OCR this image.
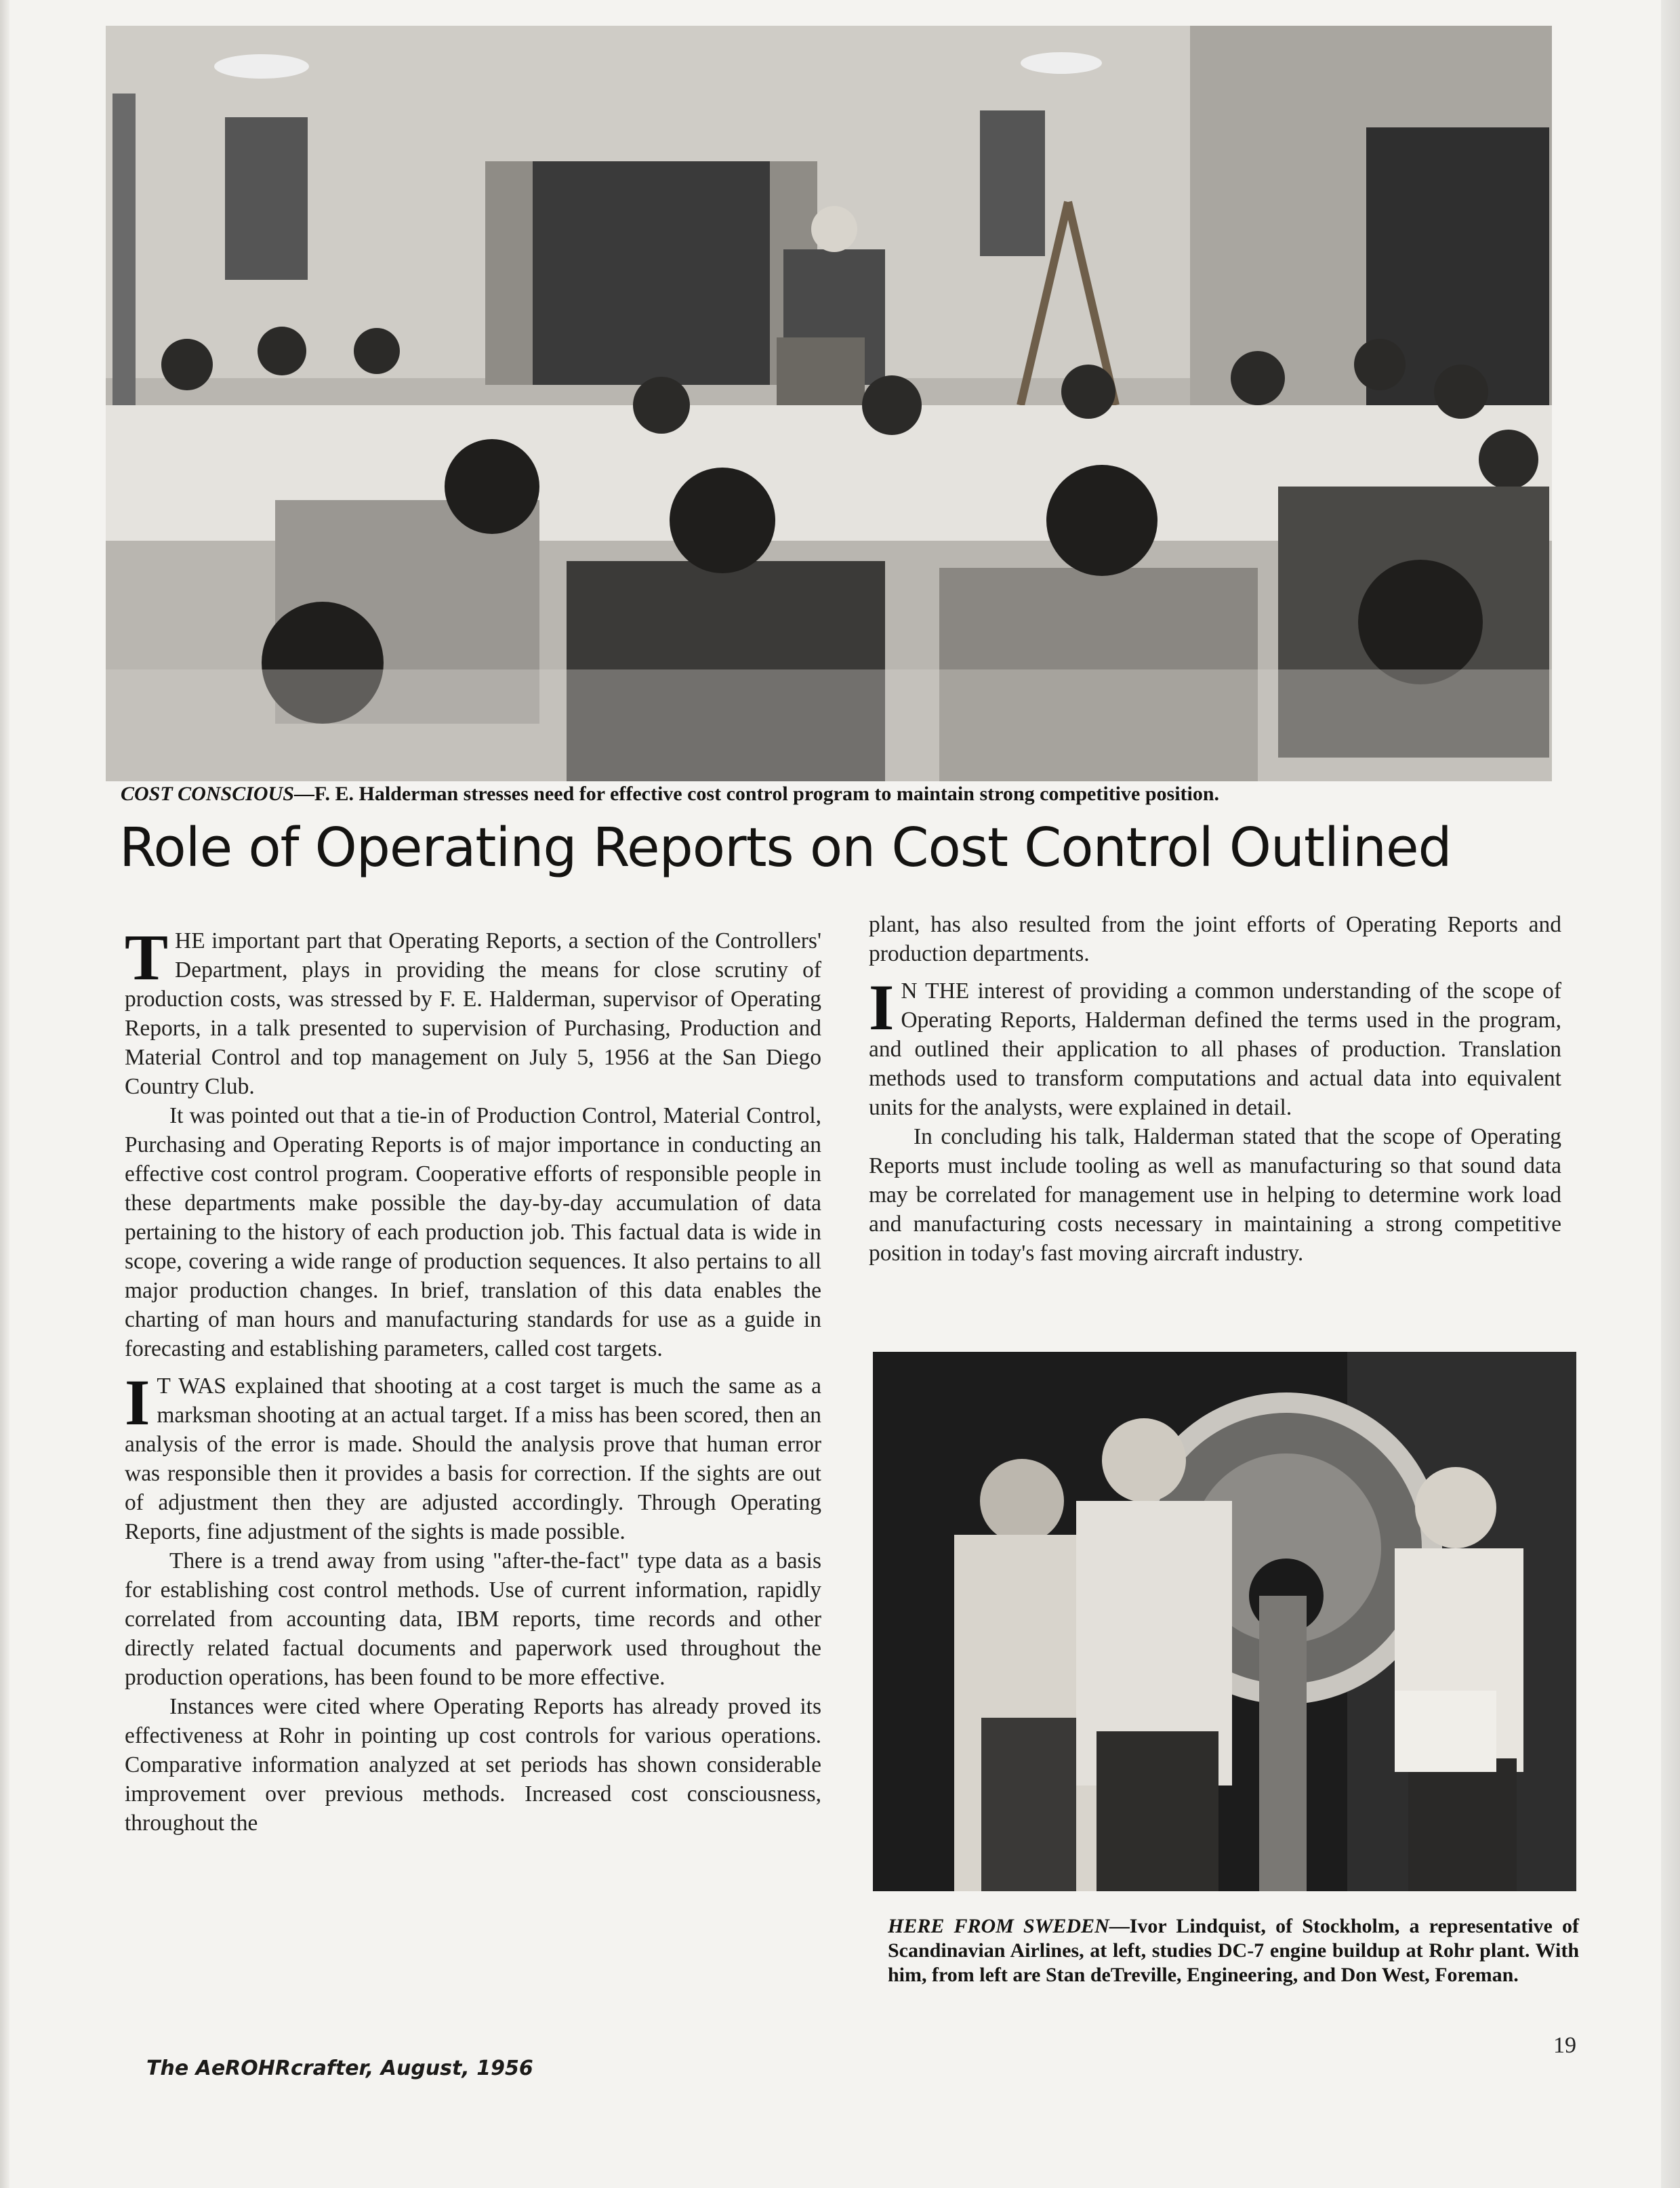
COST CONSCIOUS—F. E. Halderman stresses need for effective cost control program to maintain strong competitive position.
Role of Operating Reports on Cost Control Outlined

THE important part that Operating Reports, a section of the Controllers' Department, plays in providing the means for close scrutiny of production costs, was stressed by F. E. Halderman, supervisor of Operating Reports, in a talk presented to supervision of Purchasing, Production and Material Control and top management on July 5, 1956 at the San Diego Country Club.

It was pointed out that a tie-in of Production Control, Material Control, Purchasing and Operating Reports is of major importance in conducting an effective cost control program. Cooperative efforts of responsible people in these departments make possible the day-by-day accumulation of data pertaining to the history of each production job. This factual data is wide in scope, covering a wide range of production sequences. It also pertains to all major production changes. In brief, translation of this data enables the charting of man hours and manufacturing standards for use as a guide in forecasting and establishing parameters, called cost targets.

I T WAS explained that shooting at a cost target is much the same as a marksman shooting at an actual target. If a miss has been scored, then an analysis of the error is made. Should the analysis prove that human error was responsible then it provides a basis for correction. If the sights are out of adjustment then they are adjusted accordingly. Through Operating Reports, fine adjustment of the sights is made possible.

There is a trend away from using "after-the-fact" type data as a basis for establishing cost control methods. Use of current information, rapidly correlated from accounting data, IBM reports, time records and other directly related factual documents and paperwork used throughout the production operations, has been found to be more effective.

Instances were cited where Operating Reports has already proved its effectiveness at Rohr in pointing up cost controls for various operations. Comparative information analyzed at set periods has shown considerable improvement over previous methods. Increased cost consciousness, throughout the

plant, has also resulted from the joint efforts of Operating Reports and production departments.

I N THE interest of providing a common understanding of the scope of Operating Reports, Halderman defined the terms used in the program, and outlined their application to all phases of production. Translation methods used to transform computations and actual data into equivalent units for the analysts, were explained in detail.

In concluding his talk, Halderman stated that the scope of Operating Reports must include tooling as well as manufacturing so that sound data may be correlated for management use in helping to determine work load and manufacturing costs necessary in maintaining a strong competitive position in today's fast moving aircraft industry.

HERE FROM SWEDEN—Ivor Lindquist, of Stockholm, a representative of Scandinavian Airlines, at left, studies DC-7 engine buildup at Rohr plant. With him, from left are Stan deTreville, Engineering, and Don West, Foreman.
The AeROHRcrafter, August, 1956
19
